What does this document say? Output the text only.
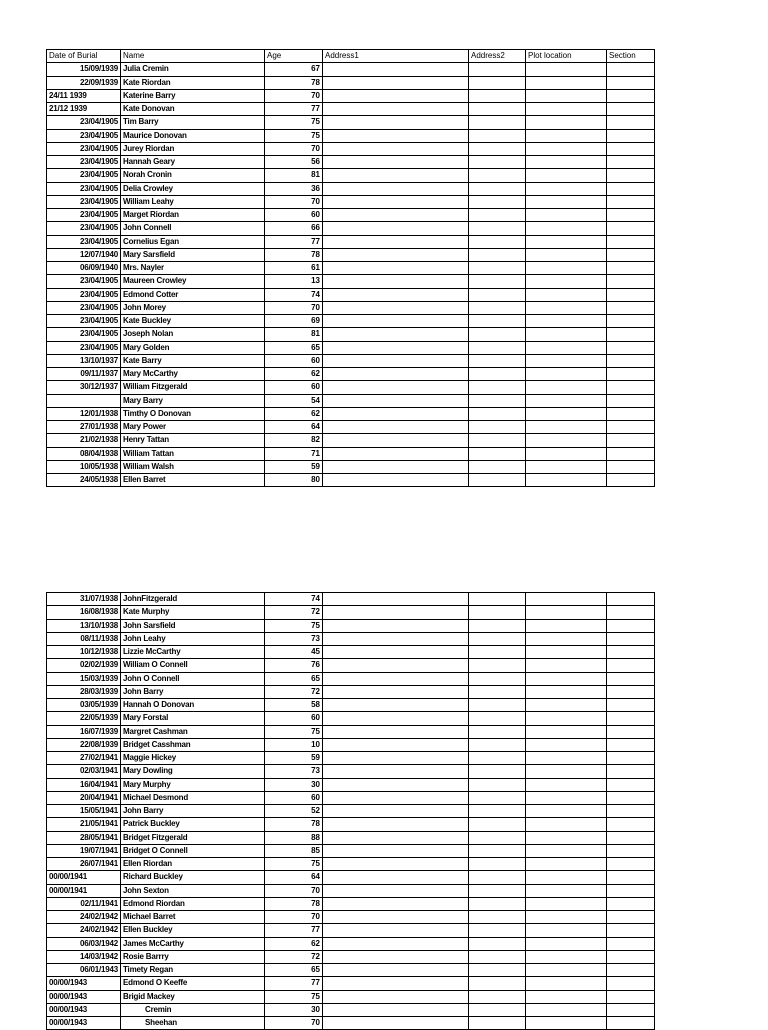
Date of Burial	Name	Age	Address1	Address2	Plot location	Section
15/09/1939	Julia Cremin	67				
22/09/1939	Kate Riordan	78				
24/11 1939	Katerine Barry	70				
21/12 1939	Kate Donovan	77				
23/04/1905	Tim Barry	75				
23/04/1905	Maurice Donovan	75				
23/04/1905	Jurey Riordan	70				
23/04/1905	Hannah Geary	56				
23/04/1905	Norah Cronin	81				
23/04/1905	Delia Crowley	36				
23/04/1905	William Leahy	70				
23/04/1905	Marget Riordan	60				
23/04/1905	John Connell	66				
23/04/1905	Cornelius Egan	77				
12/07/1940	Mary Sarsfield	78				
06/09/1940	Mrs. Nayler	61				
23/04/1905	Maureen Crowley	13				
23/04/1905	Edmond Cotter	74				
23/04/1905	John Morey	70				
23/04/1905	Kate Buckley	69				
23/04/1905	Joseph Nolan	81				
23/04/1905	Mary Golden	65				
13/10/1937	Kate Barry	60				
09/11/1937	Mary McCarthy	62				
30/12/1937	William Fitzgerald	60				
	Mary Barry	54				
12/01/1938	Timthy O Donovan	62				
27/01/1938	Mary Power	64				
21/02/1938	Henry Tattan	82				
08/04/1938	William Tattan	71				
10/05/1938	William Walsh	59				
24/05/1938	Ellen Barret	80				
31/07/1938	JohnFitzgerald	74				
16/08/1938	Kate Murphy	72				
13/10/1938	John Sarsfield	75				
08/11/1938	John Leahy	73				
10/12/1938	Lizzie McCarthy	45				
02/02/1939	William O Connell	76				
15/03/1939	John O Connell	65				
28/03/1939	John Barry	72				
03/05/1939	Hannah O Donovan	58				
22/05/1939	Mary Forstal	60				
16/07/1939	Margret Cashman	75				
22/08/1939	Bridget Casshman	10				
27/02/1941	Maggie Hickey	59				
02/03/1941	Mary Dowling	73				
16/04/1941	Mary Murphy	30				
20/04/1941	Michael Desmond	60				
15/05/1941	John Barry	52				
21/05/1941	Patrick Buckley	78				
28/05/1941	Bridget Fitzgerald	88				
19/07/1941	Bridget O Connell	85				
26/07/1941	Ellen Riordan	75				
00/00/1941	Richard Buckley	64				
00/00/1941	John Sexton	70				
02/11/1941	Edmond Riordan	78				
24/02/1942	Michael Barret	70				
24/02/1942	Ellen Buckley	77				
06/03/1942	James McCarthy	62				
14/03/1942	Rosie Barrry	72				
06/01/1943	Timety Regan	65				
00/00/1943	Edmond O Keeffe	77				
00/00/1943	Brigid Mackey	75				
00/00/1943	Cremin	30				
00/00/1943	Sheehan	70				
